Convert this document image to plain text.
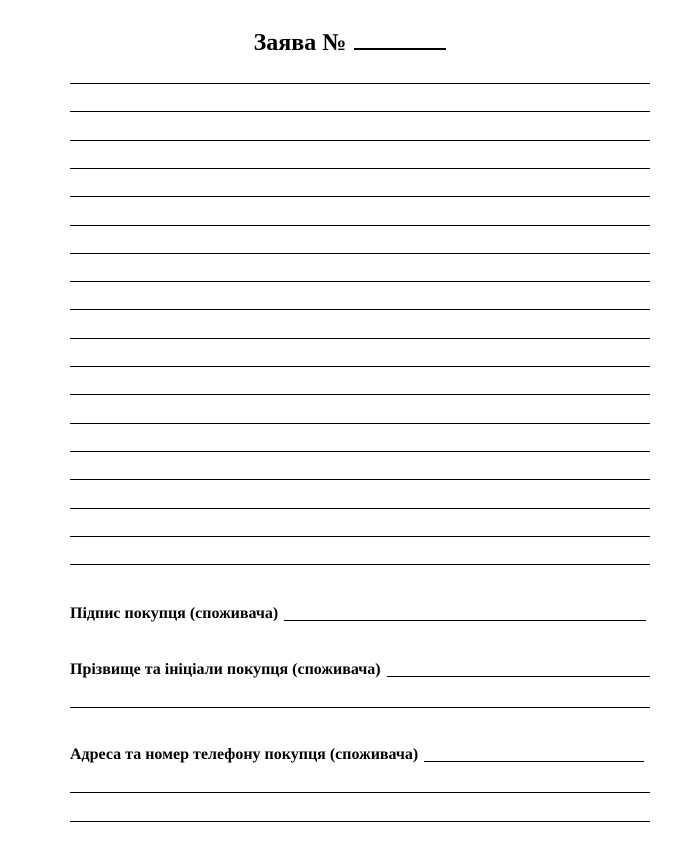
Заява №
Підпис покупця (споживача)
Прізвище та ініціали покупця (споживача)
Адреса та номер телефону покупця (споживача)
